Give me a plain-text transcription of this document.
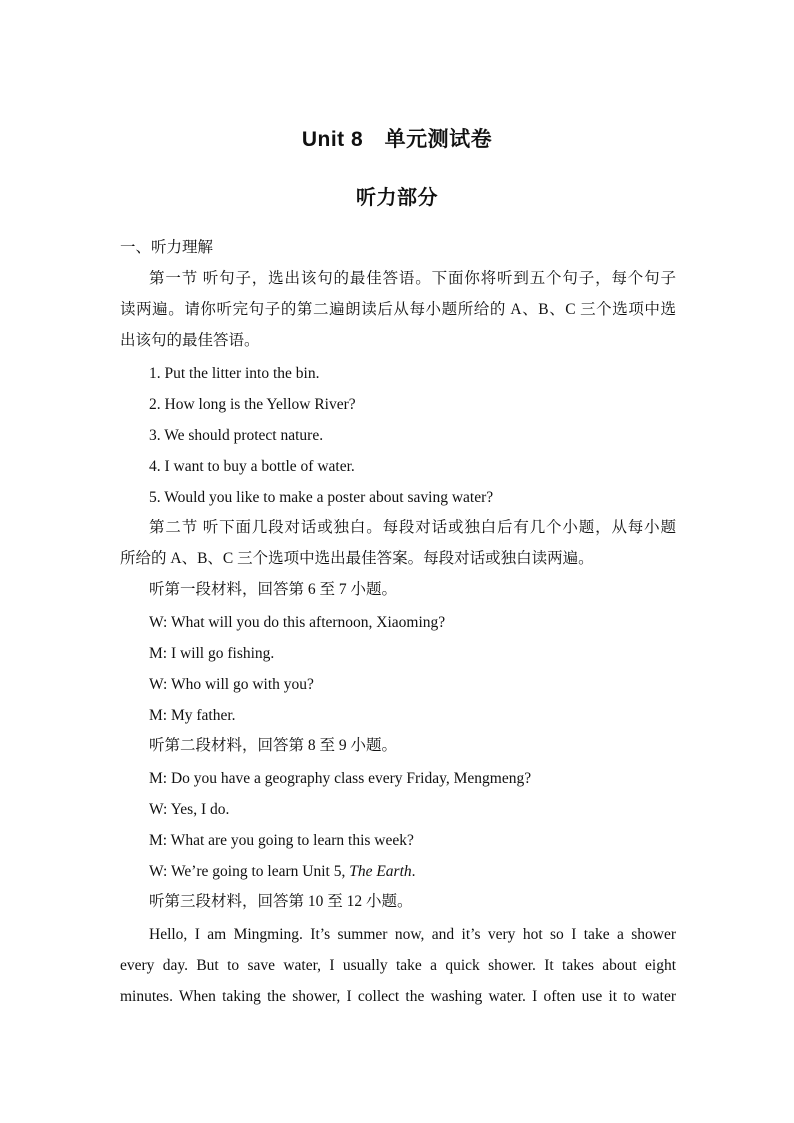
Unit 8　单元测试卷
听力部分
一、听力理解
第一节 听句子，选出该句的最佳答语。下面你将听到五个句子，每个句子
读两遍。请你听完句子的第二遍朗读后从每小题所给的 A、B、C 三个选项中选
出该句的最佳答语。
1. Put the litter into the bin.
2. How long is the Yellow River?
3. We should protect nature.
4. I want to buy a bottle of water.
5. Would you like to make a poster about saving water?
第二节 听下面几段对话或独白。每段对话或独白后有几个小题，从每小题
所给的 A、B、C 三个选项中选出最佳答案。每段对话或独白读两遍。
听第一段材料，回答第 6 至 7 小题。
W: What will you do this afternoon, Xiaoming?
M: I will go fishing.
W: Who will go with you?
M: My father.
听第二段材料，回答第 8 至 9 小题。
M: Do you have a geography class every Friday, Mengmeng?
W: Yes, I do.
M: What are you going to learn this week?
W: We’re going to learn Unit 5, The Earth.
听第三段材料，回答第 10 至 12 小题。
Hello, I am Mingming. It’s summer now, and it’s very hot so I take a shower
every day. But to save water, I usually take a quick shower. It takes about eight
minutes. When taking the shower, I collect the washing water. I often use it to water
